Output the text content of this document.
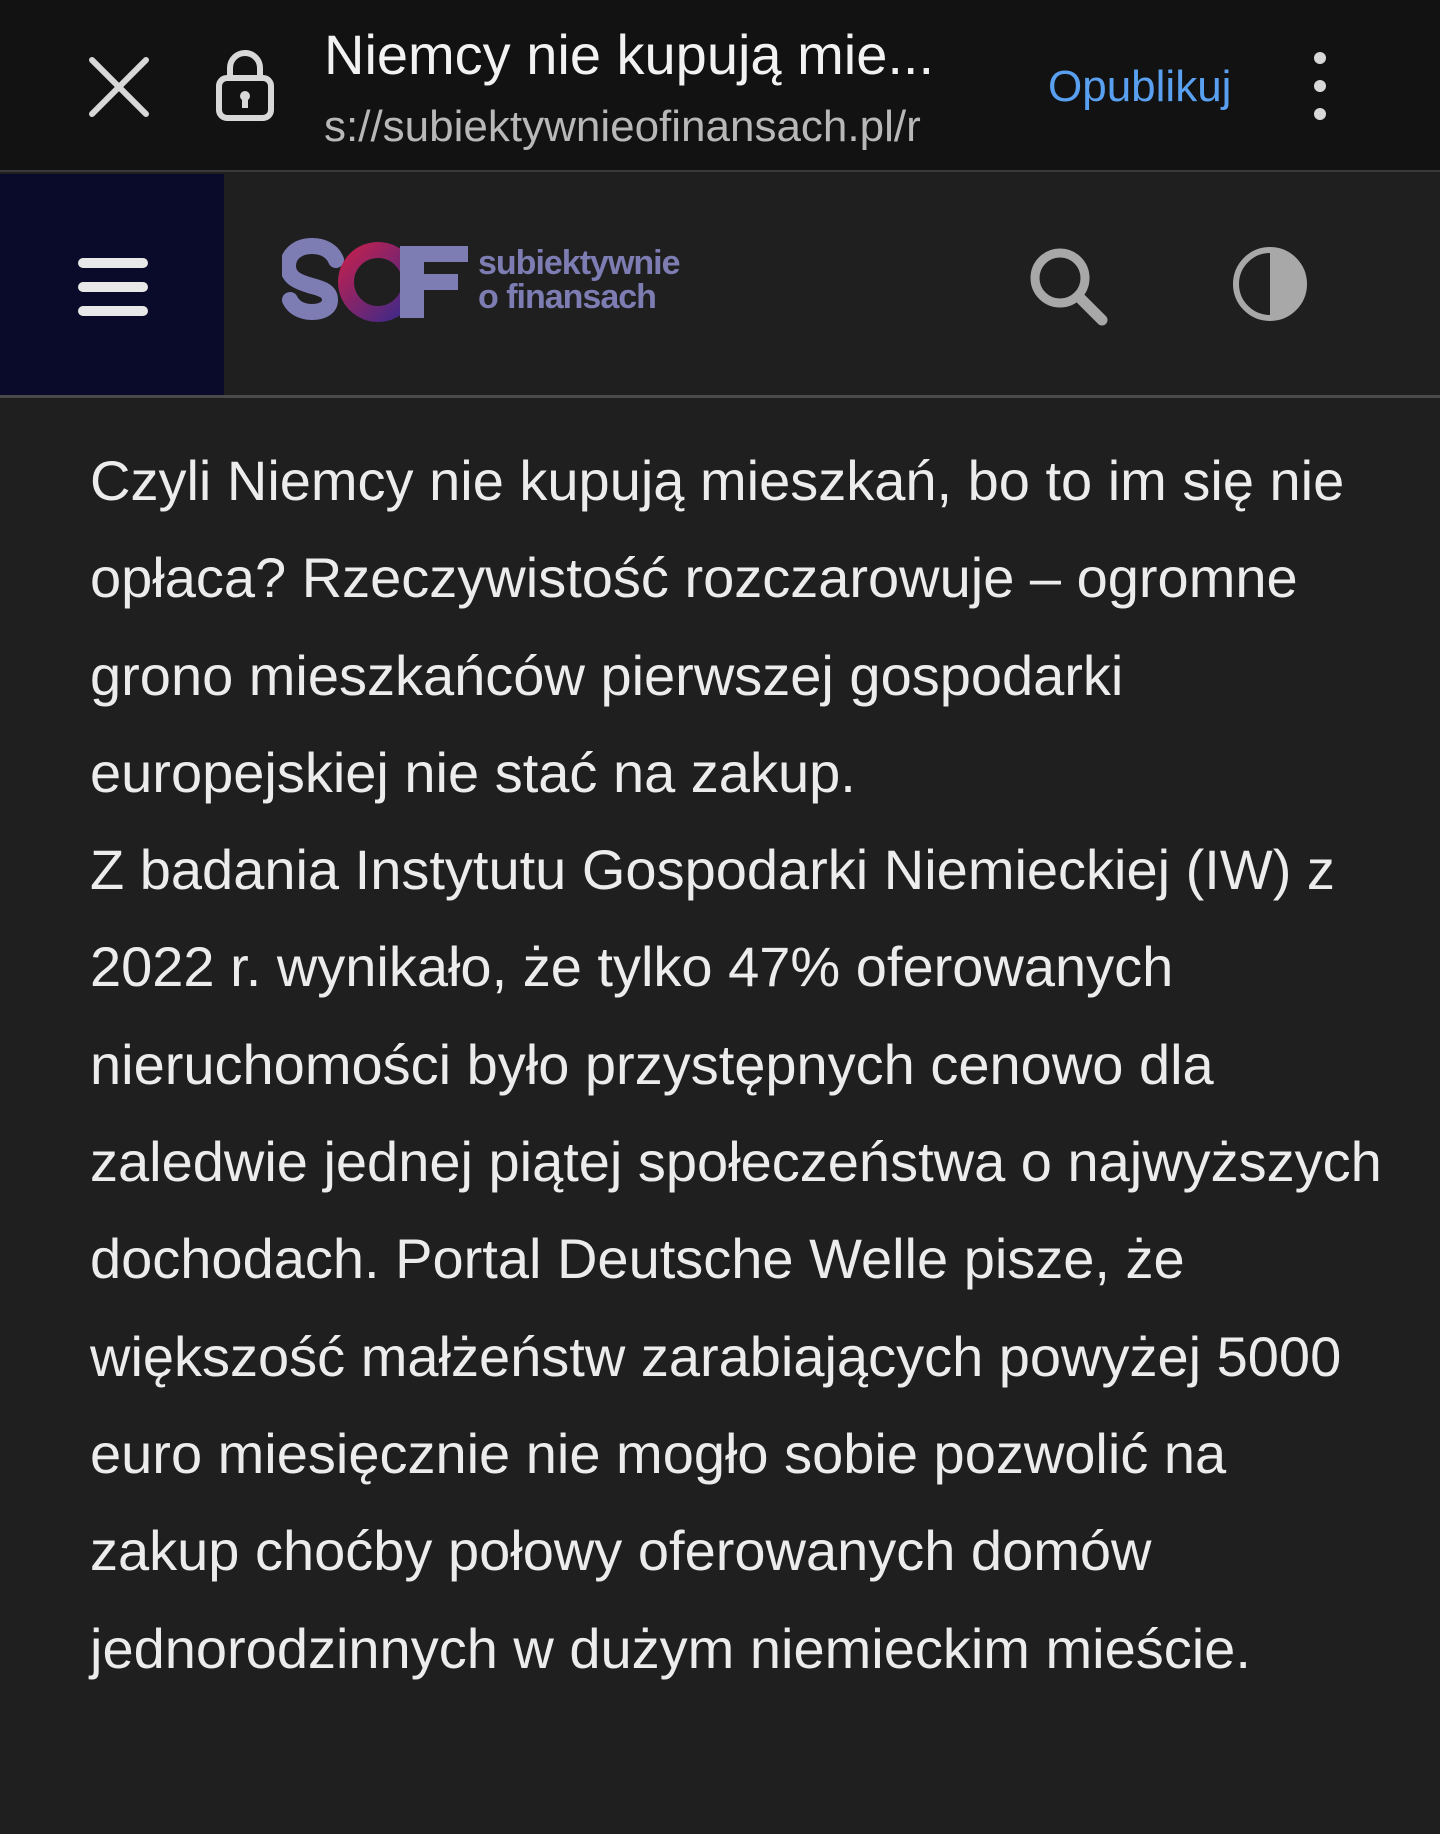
Niemcy nie kupują mie...
s://subiektywnieofinansach.pl/r
Opublikuj
subiektywnie
o finansach

Czyli Niemcy nie kupują mieszkań, bo to im się nie opłaca? Rzeczywistość rozczarowuje – ogromne grono mieszkańców pierwszej gospodarki europejskiej nie stać na zakup.

Z badania Instytutu Gospodarki Niemieckiej (IW) z 2022 r. wynikało, że tylko 47% oferowanych nieruchomości było przystępnych cenowo dla zaledwie jednej piątej społeczeństwa o najwyższych dochodach. Portal Deutsche Welle pisze, że większość małżeństw zarabiających powyżej 5000 euro miesięcznie nie mogło sobie pozwolić na zakup choćby połowy oferowanych domów jednorodzinnych w dużym niemieckim mieście.
